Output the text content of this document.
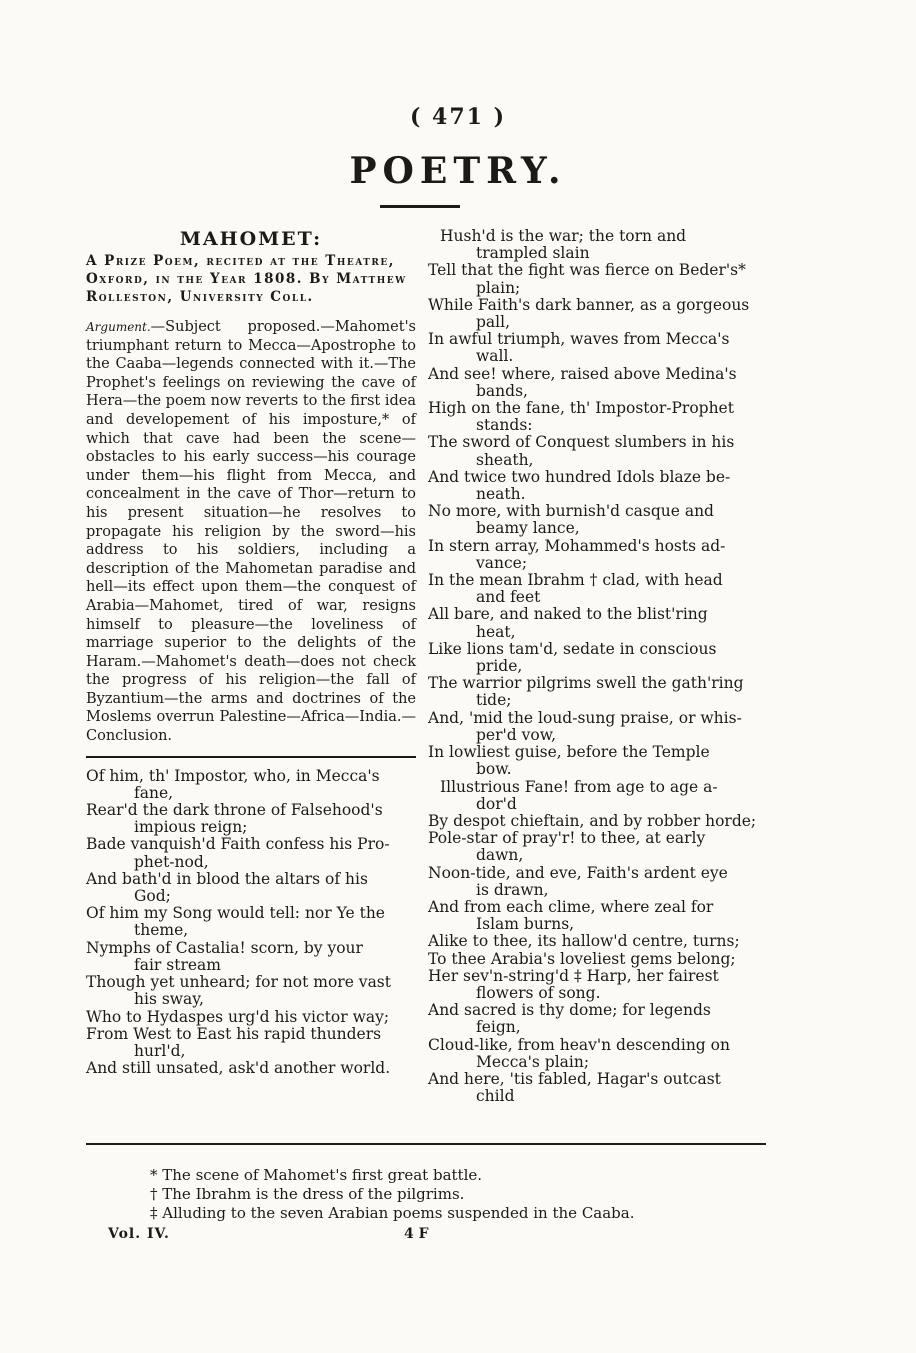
( 471 )
POETRY.
MAHOMET:
A Prize Poem, recited at the Theatre, Oxford, in the Year 1808. By Matthew Rolleston, University Coll.

Argument.—Subject proposed.—Mahomet's triumphant return to Mecca—Apostrophe to the Caaba—legends connected with it.—The Prophet's feelings on reviewing the cave of Hera—the poem now reverts to the first idea and developement of his imposture,* of which that cave had been the scene—obstacles to his early success—his courage under them—his flight from Mecca, and concealment in the cave of Thor—return to his present situation—he resolves to propagate his religion by the sword—his address to his soldiers, including a description of the Mahometan paradise and hell—its effect upon them—the conquest of Arabia—Mahomet, tired of war, resigns himself to pleasure—the loveliness of marriage superior to the delights of the Haram.—Mahomet's death—does not check the progress of his religion—the fall of Byzantium—the arms and doctrines of the Moslems overrun Palestine—Africa—India.—Conclusion.

Of him, th' Impostor, who, in Mecca's
fane,
Rear'd the dark throne of Falsehood's
impious reign;
Bade vanquish'd Faith confess his Pro-
phet-nod,
And bath'd in blood the altars of his
God;
Of him my Song would tell: nor Ye the
theme,
Nymphs of Castalia! scorn, by your
fair stream
Though yet unheard; for not more vast
his sway,
Who to Hydaspes urg'd his victor way;
From West to East his rapid thunders
hurl'd,
And still unsated, ask'd another world.
Hush'd is the war; the torn and
trampled slain
Tell that the fight was fierce on Beder's*
plain;
While Faith's dark banner, as a gorgeous
pall,
In awful triumph, waves from Mecca's
wall.
And see! where, raised above Medina's
bands,
High on the fane, th' Impostor-Prophet
stands:
The sword of Conquest slumbers in his
sheath,
And twice two hundred Idols blaze be-
neath.
No more, with burnish'd casque and
beamy lance,
In stern array, Mohammed's hosts ad-
vance;
In the mean Ibrahm † clad, with head
and feet
All bare, and naked to the blist'ring
heat,
Like lions tam'd, sedate in conscious
pride,
The warrior pilgrims swell the gath'ring
tide;
And, 'mid the loud-sung praise, or whis-
per'd vow,
In lowliest guise, before the Temple
bow.
Illustrious Fane! from age to age a-
dor'd
By despot chieftain, and by robber horde;
Pole-star of pray'r! to thee, at early
dawn,
Noon-tide, and eve, Faith's ardent eye
is drawn,
And from each clime, where zeal for
Islam burns,
Alike to thee, its hallow'd centre, turns;
To thee Arabia's loveliest gems belong;
Her sev'n-string'd ‡ Harp, her fairest
flowers of song.
And sacred is thy dome; for legends
feign,
Cloud-like, from heav'n descending on
Mecca's plain;
And here, 'tis fabled, Hagar's outcast
child
* The scene of Mahomet's first great battle.
† The Ibrahm is the dress of the pilgrims.
‡ Alluding to the seven Arabian poems suspended in the Caaba.
Vol. IV.	4 F
